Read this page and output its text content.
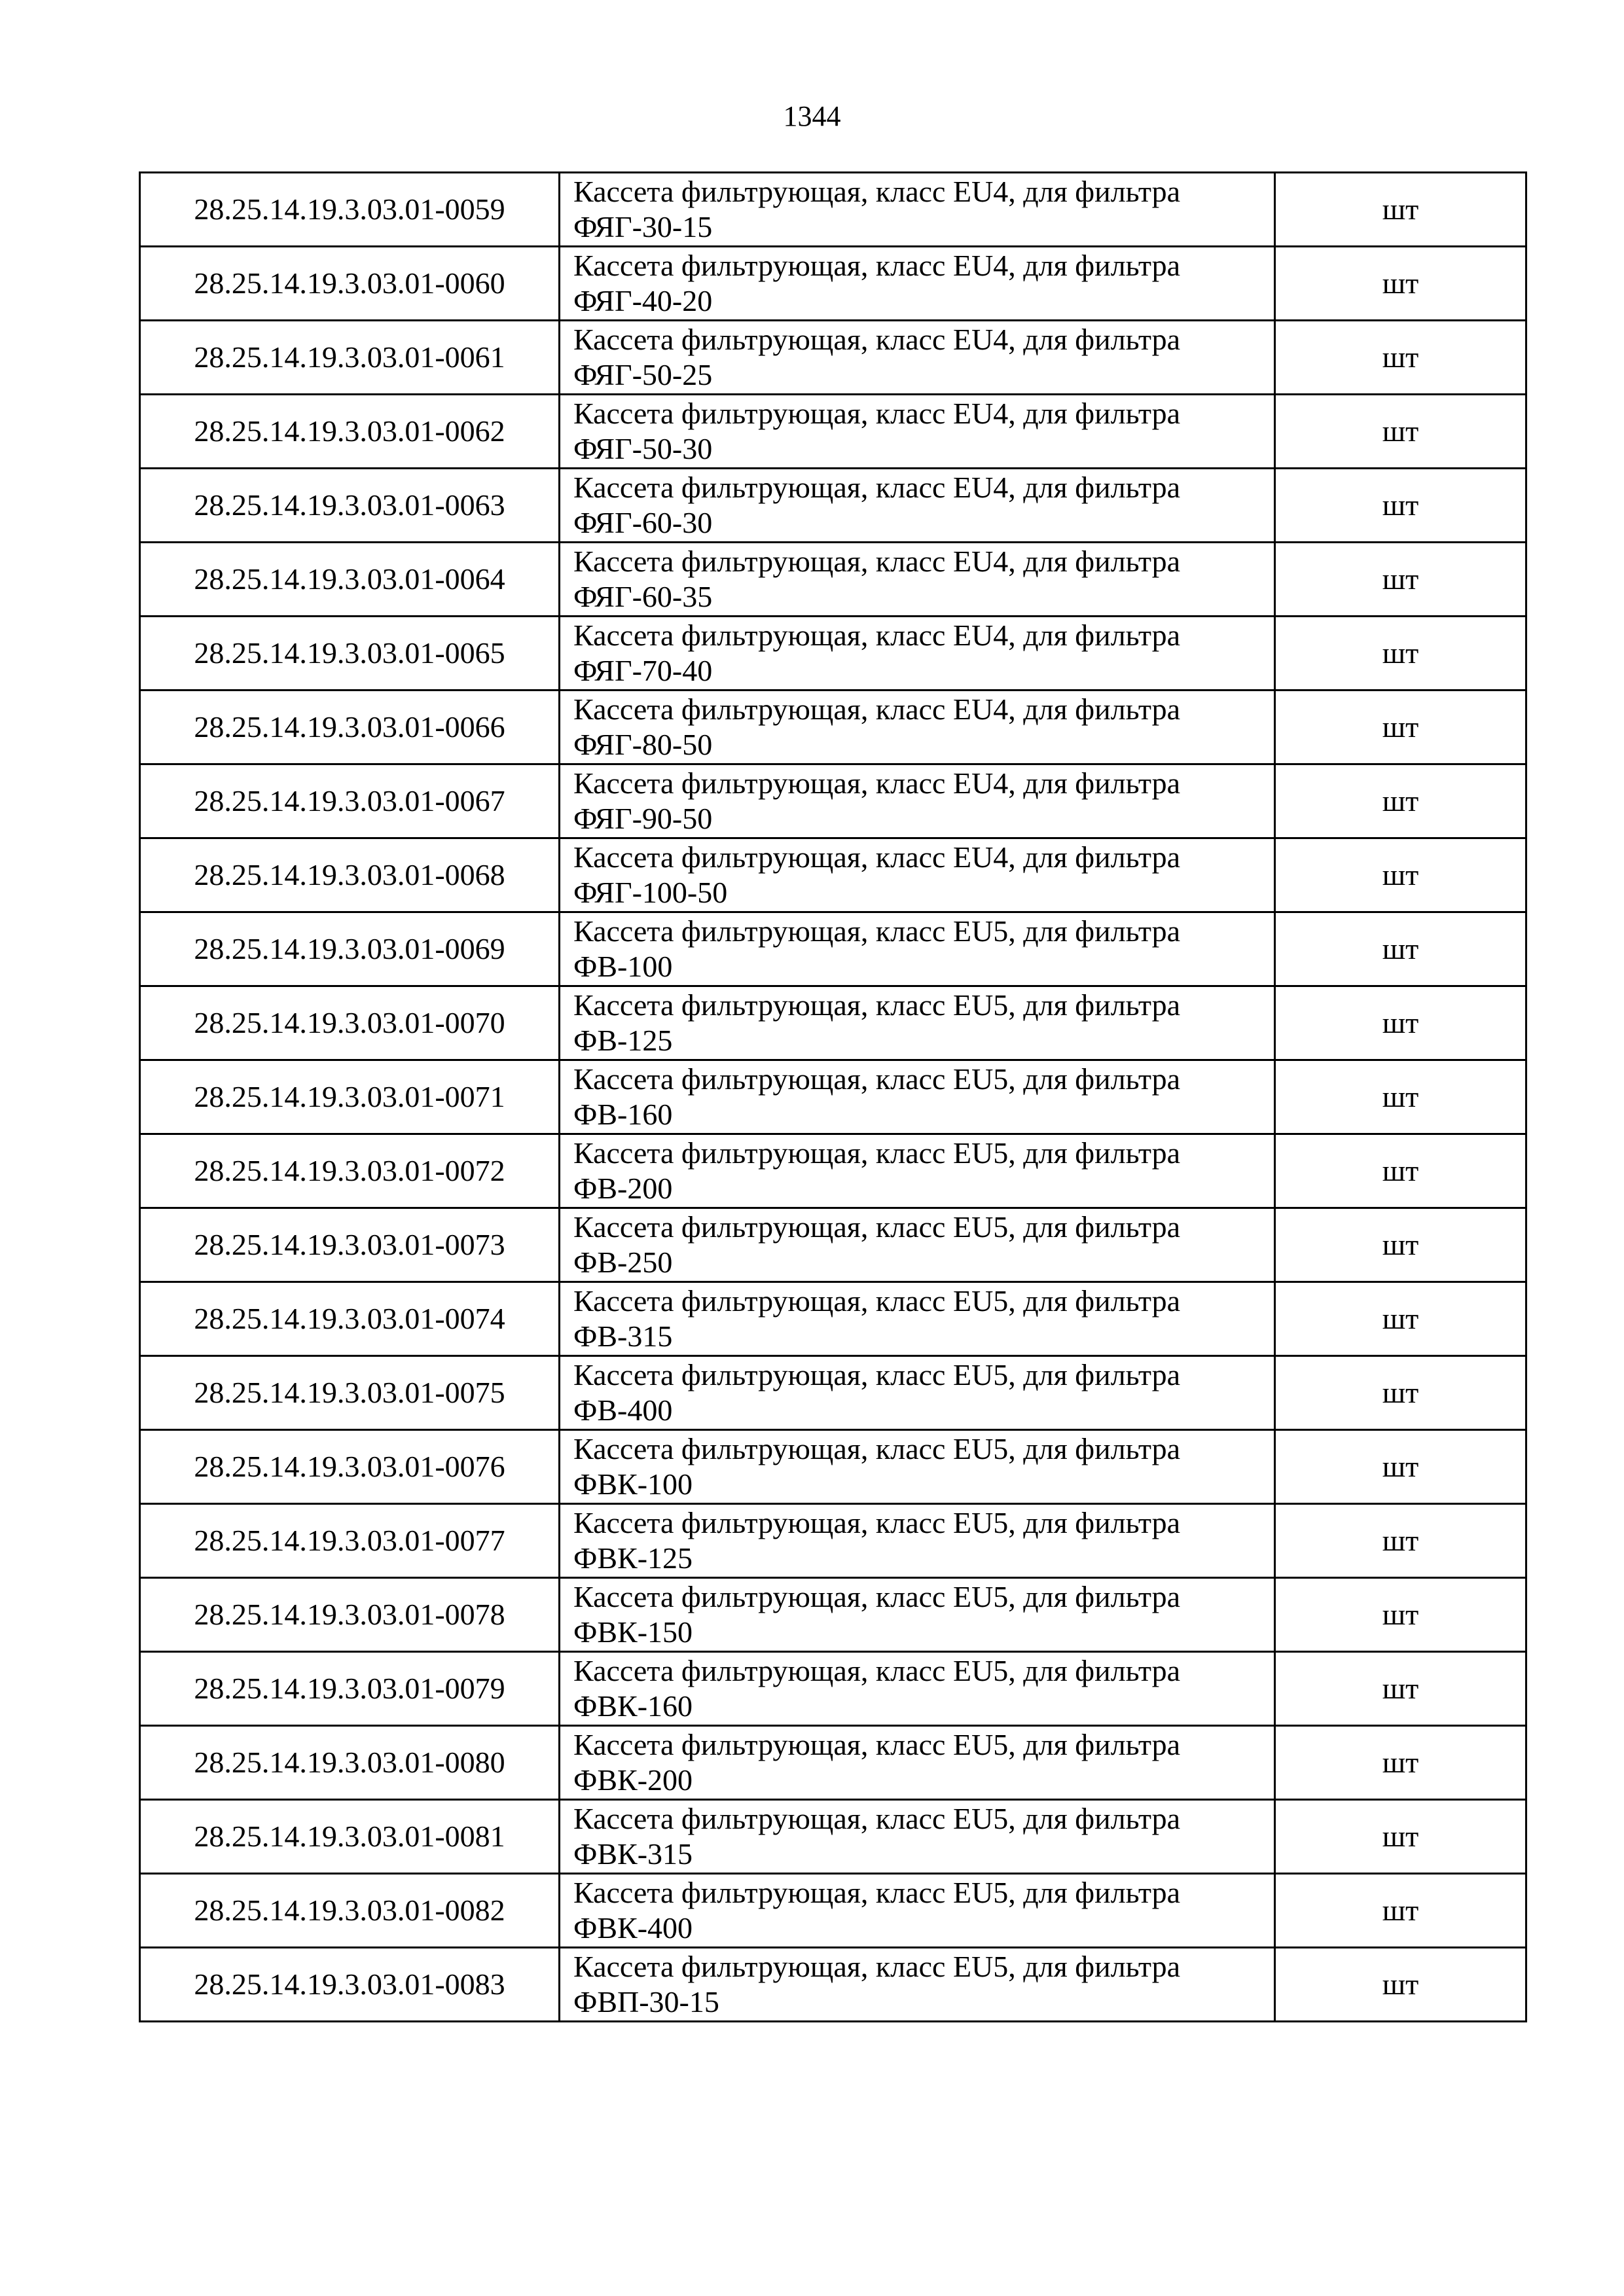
1344
28.25.14.19.3.03.01-0059	Кассета фильтрующая, класс EU4, для фильтра
ФЯГ-30-15	шт
28.25.14.19.3.03.01-0060	Кассета фильтрующая, класс EU4, для фильтра
ФЯГ-40-20	шт
28.25.14.19.3.03.01-0061	Кассета фильтрующая, класс EU4, для фильтра
ФЯГ-50-25	шт
28.25.14.19.3.03.01-0062	Кассета фильтрующая, класс EU4, для фильтра
ФЯГ-50-30	шт
28.25.14.19.3.03.01-0063	Кассета фильтрующая, класс EU4, для фильтра
ФЯГ-60-30	шт
28.25.14.19.3.03.01-0064	Кассета фильтрующая, класс EU4, для фильтра
ФЯГ-60-35	шт
28.25.14.19.3.03.01-0065	Кассета фильтрующая, класс EU4, для фильтра
ФЯГ-70-40	шт
28.25.14.19.3.03.01-0066	Кассета фильтрующая, класс EU4, для фильтра
ФЯГ-80-50	шт
28.25.14.19.3.03.01-0067	Кассета фильтрующая, класс EU4, для фильтра
ФЯГ-90-50	шт
28.25.14.19.3.03.01-0068	Кассета фильтрующая, класс EU4, для фильтра
ФЯГ-100-50	шт
28.25.14.19.3.03.01-0069	Кассета фильтрующая, класс EU5, для фильтра
ФВ-100	шт
28.25.14.19.3.03.01-0070	Кассета фильтрующая, класс EU5, для фильтра
ФВ-125	шт
28.25.14.19.3.03.01-0071	Кассета фильтрующая, класс EU5, для фильтра
ФВ-160	шт
28.25.14.19.3.03.01-0072	Кассета фильтрующая, класс EU5, для фильтра
ФВ-200	шт
28.25.14.19.3.03.01-0073	Кассета фильтрующая, класс EU5, для фильтра
ФВ-250	шт
28.25.14.19.3.03.01-0074	Кассета фильтрующая, класс EU5, для фильтра
ФВ-315	шт
28.25.14.19.3.03.01-0075	Кассета фильтрующая, класс EU5, для фильтра
ФВ-400	шт
28.25.14.19.3.03.01-0076	Кассета фильтрующая, класс EU5, для фильтра
ФВК-100	шт
28.25.14.19.3.03.01-0077	Кассета фильтрующая, класс EU5, для фильтра
ФВК-125	шт
28.25.14.19.3.03.01-0078	Кассета фильтрующая, класс EU5, для фильтра
ФВК-150	шт
28.25.14.19.3.03.01-0079	Кассета фильтрующая, класс EU5, для фильтра
ФВК-160	шт
28.25.14.19.3.03.01-0080	Кассета фильтрующая, класс EU5, для фильтра
ФВК-200	шт
28.25.14.19.3.03.01-0081	Кассета фильтрующая, класс EU5, для фильтра
ФВК-315	шт
28.25.14.19.3.03.01-0082	Кассета фильтрующая, класс EU5, для фильтра
ФВК-400	шт
28.25.14.19.3.03.01-0083	Кассета фильтрующая, класс EU5, для фильтра
ФВП-30-15	шт
